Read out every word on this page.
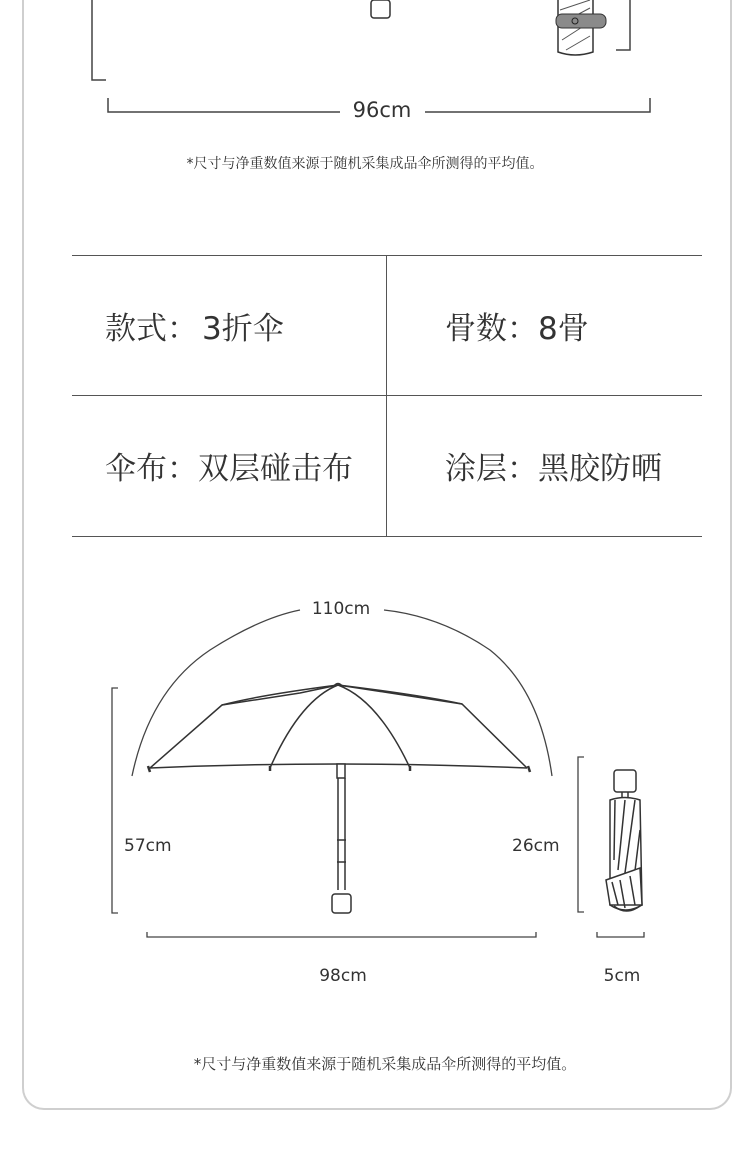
96cm
*尺寸与净重数值来源于随机采集成品伞所测得的平均值。
款式： 3折伞	骨数： 8骨
伞布： 双层碰击布	涂层： 黑胶防晒
110cm
57cm
98cm
26cm
5cm
*尺寸与净重数值来源于随机采集成品伞所测得的平均值。
